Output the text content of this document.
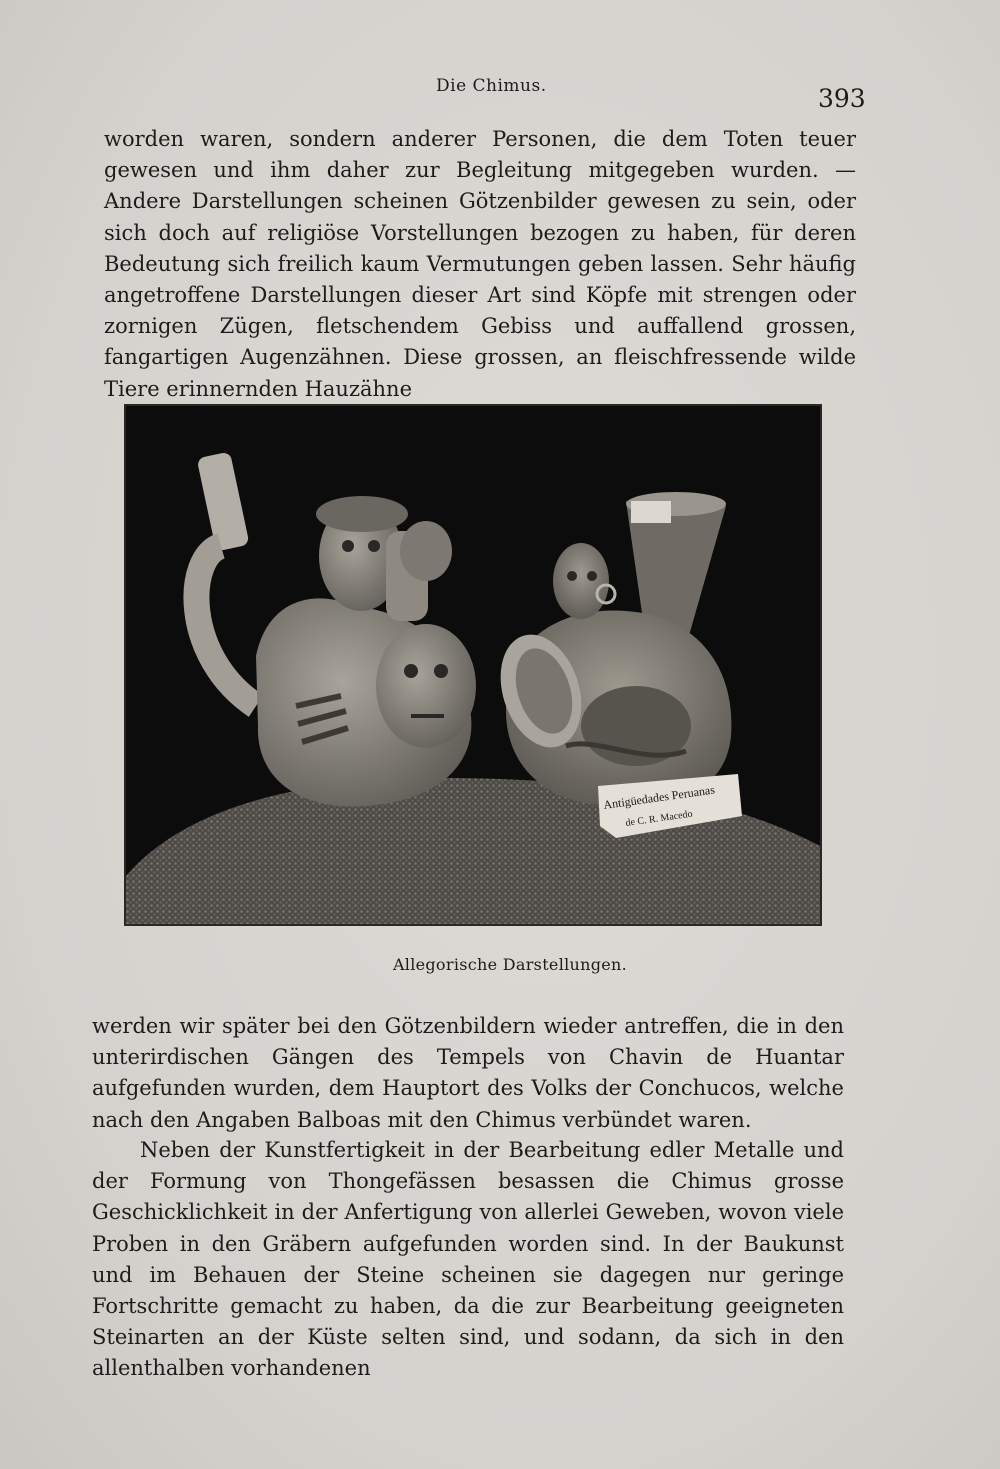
Die Chimus.	393

worden waren, sondern anderer Personen, die dem Toten teuer gewesen und ihm daher zur Begleitung mitgegeben wurden. — Andere Darstellungen scheinen Götzenbilder gewesen zu sein, oder sich doch auf religiöse Vorstellungen bezogen zu haben, für deren Bedeutung sich freilich kaum Vermutungen geben lassen. Sehr häufig angetroffene Darstellungen dieser Art sind Köpfe mit strengen oder zornigen Zügen, fletschendem Gebiss und auffallend grossen, fangartigen Augenzähnen. Diese grossen, an fleischfressende wilde Tiere erinnernden Hauzähne

Antigüedades Peruanas
de C. R. Macedo
Allegorische Darstellungen.

werden wir später bei den Götzenbildern wieder antreffen, die in den unterirdischen Gängen des Tempels von Chavin de Huantar aufgefunden wurden, dem Hauptort des Volks der Conchucos, welche nach den Angaben Balboas mit den Chimus verbündet waren.

Neben der Kunstfertigkeit in der Bearbeitung edler Metalle und der Formung von Thongefässen besassen die Chimus grosse Geschicklichkeit in der Anfertigung von allerlei Geweben, wovon viele Proben in den Gräbern aufgefunden worden sind. In der Baukunst und im Behauen der Steine scheinen sie dagegen nur geringe Fortschritte gemacht zu haben, da die zur Bearbeitung geeigneten Steinarten an der Küste selten sind, und sodann, da sich in den allenthalben vorhandenen
